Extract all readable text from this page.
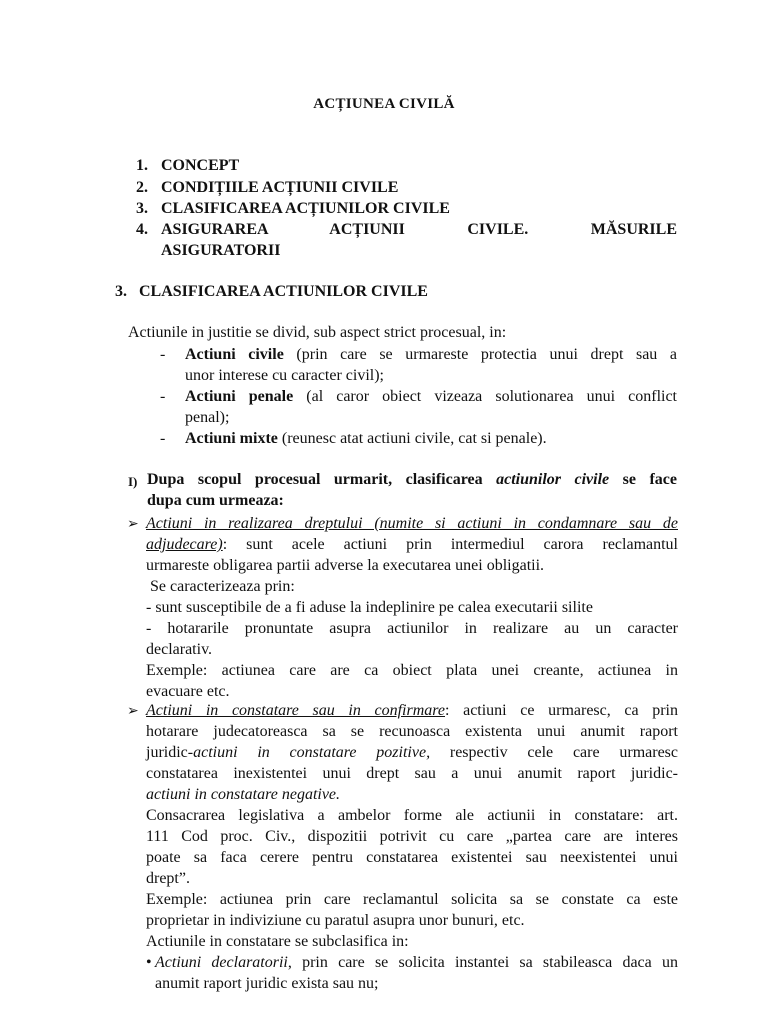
ACȚIUNEA CIVILĂ
1. CONCEPT
2. CONDIȚIILE ACȚIUNII CIVILE
3. CLASIFICAREA ACȚIUNILOR CIVILE
4. ASIGURAREA ACȚIUNII CIVILE. MĂSURILE
ASIGURATORII
3. CLASIFICAREA ACTIUNILOR CIVILE
Actiunile in justitie se divid, sub aspect strict procesual, in:
- Actiuni civile (prin care se urmareste protectia unui drept sau a
unor interese cu caracter civil);
- Actiuni penale (al caror obiect vizeaza solutionarea unui conflict
penal);
- Actiuni mixte (reunesc atat actiuni civile, cat si penale).
I) Dupa scopul procesual urmarit, clasificarea actiunilor civile se face
dupa cum urmeaza:
➢ Actiuni in realizarea dreptului (numite si actiuni in condamnare sau de
adjudecare): sunt acele actiuni prin intermediul carora reclamantul
urmareste obligarea partii adverse la executarea unei obligatii.
Se caracterizeaza prin:
- sunt susceptibile de a fi aduse la indeplinire pe calea executarii silite
- hotararile pronuntate asupra actiunilor in realizare au un caracter
declarativ.
Exemple: actiunea care are ca obiect plata unei creante, actiunea in
evacuare etc.
➢ Actiuni in constatare sau in confirmare: actiuni ce urmaresc, ca prin
hotarare judecatoreasca sa se recunoasca existenta unui anumit raport
juridic-actiuni in constatare pozitive, respectiv cele care urmaresc
constatarea inexistentei unui drept sau a unui anumit raport juridic-
actiuni in constatare negative.
Consacrarea legislativa a ambelor forme ale actiunii in constatare: art.
111 Cod proc. Civ., dispozitii potrivit cu care „partea care are interes
poate sa faca cerere pentru constatarea existentei sau neexistentei unui
drept”.
Exemple: actiunea prin care reclamantul solicita sa se constate ca este
proprietar in indiviziune cu paratul asupra unor bunuri, etc.
Actiunile in constatare se subclasifica in:
• Actiuni declaratorii, prin care se solicita instantei sa stabileasca daca un
anumit raport juridic exista sau nu;
